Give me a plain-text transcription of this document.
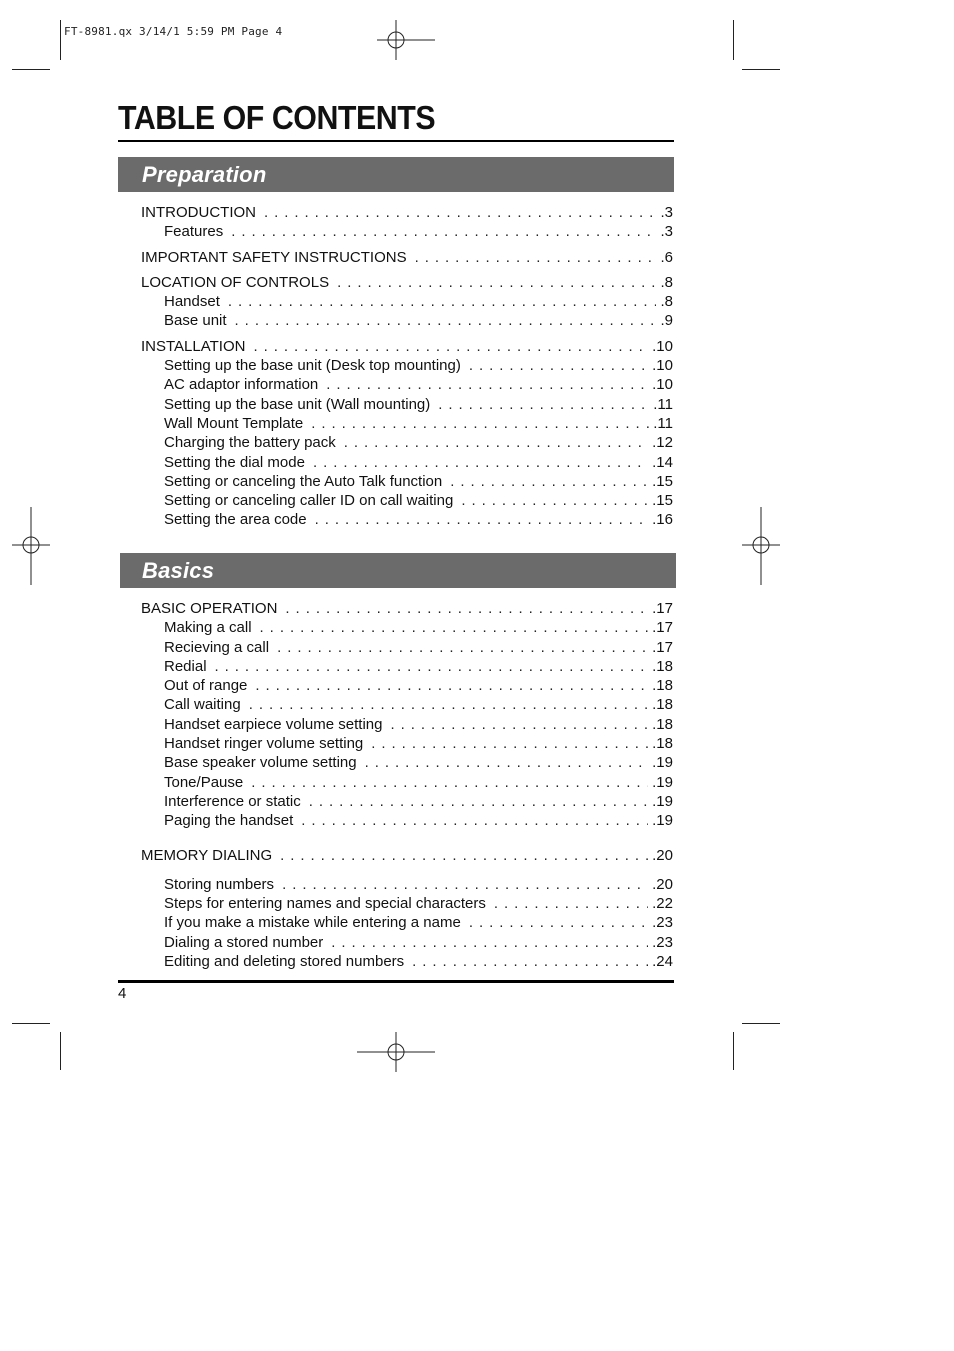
FT-8981.qx 3/14/1 5:59 PM Page 4
TABLE OF CONTENTS
Preparation
INTRODUCTION . . .	.3
Features . . .	.3
IMPORTANT SAFETY INSTRUCTIONS . . .	.6
LOCATION OF CONTROLS . . .	.8
Handset . . .	.8
Base unit . . .	.9
INSTALLATION . . .	.10
Setting up the base unit (Desk top mounting) . . .	.10
AC adaptor information . . .	.10
Setting up the base unit (Wall mounting) . . .	.11
Wall Mount Template . . .	.11
Charging the battery pack . . .	.12
Setting the dial mode . . .	.14
Setting or canceling the Auto Talk function . . .	.15
Setting or canceling caller ID on call waiting . . .	.15
Setting the area code . . .	.16
Basics
BASIC OPERATION . . .	.17
Making a call . . .	.17
Recieving a call . . .	.17
Redial . . .	.18
Out of range . . .	.18
Call waiting . . .	.18
Handset earpiece volume setting . . .	.18
Handset ringer volume setting . . .	.18
Base speaker volume setting . . .	.19
Tone/Pause . . .	.19
Interference or static . . .	.19
Paging the handset . . .	.19
MEMORY DIALING . . .	.20
Storing numbers . . .	.20
Steps for entering names and special characters . . .	.22
If you make a mistake while entering a name . . .	.23
Dialing a stored number . . .	.23
Editing and deleting stored numbers . . .	.24
4
